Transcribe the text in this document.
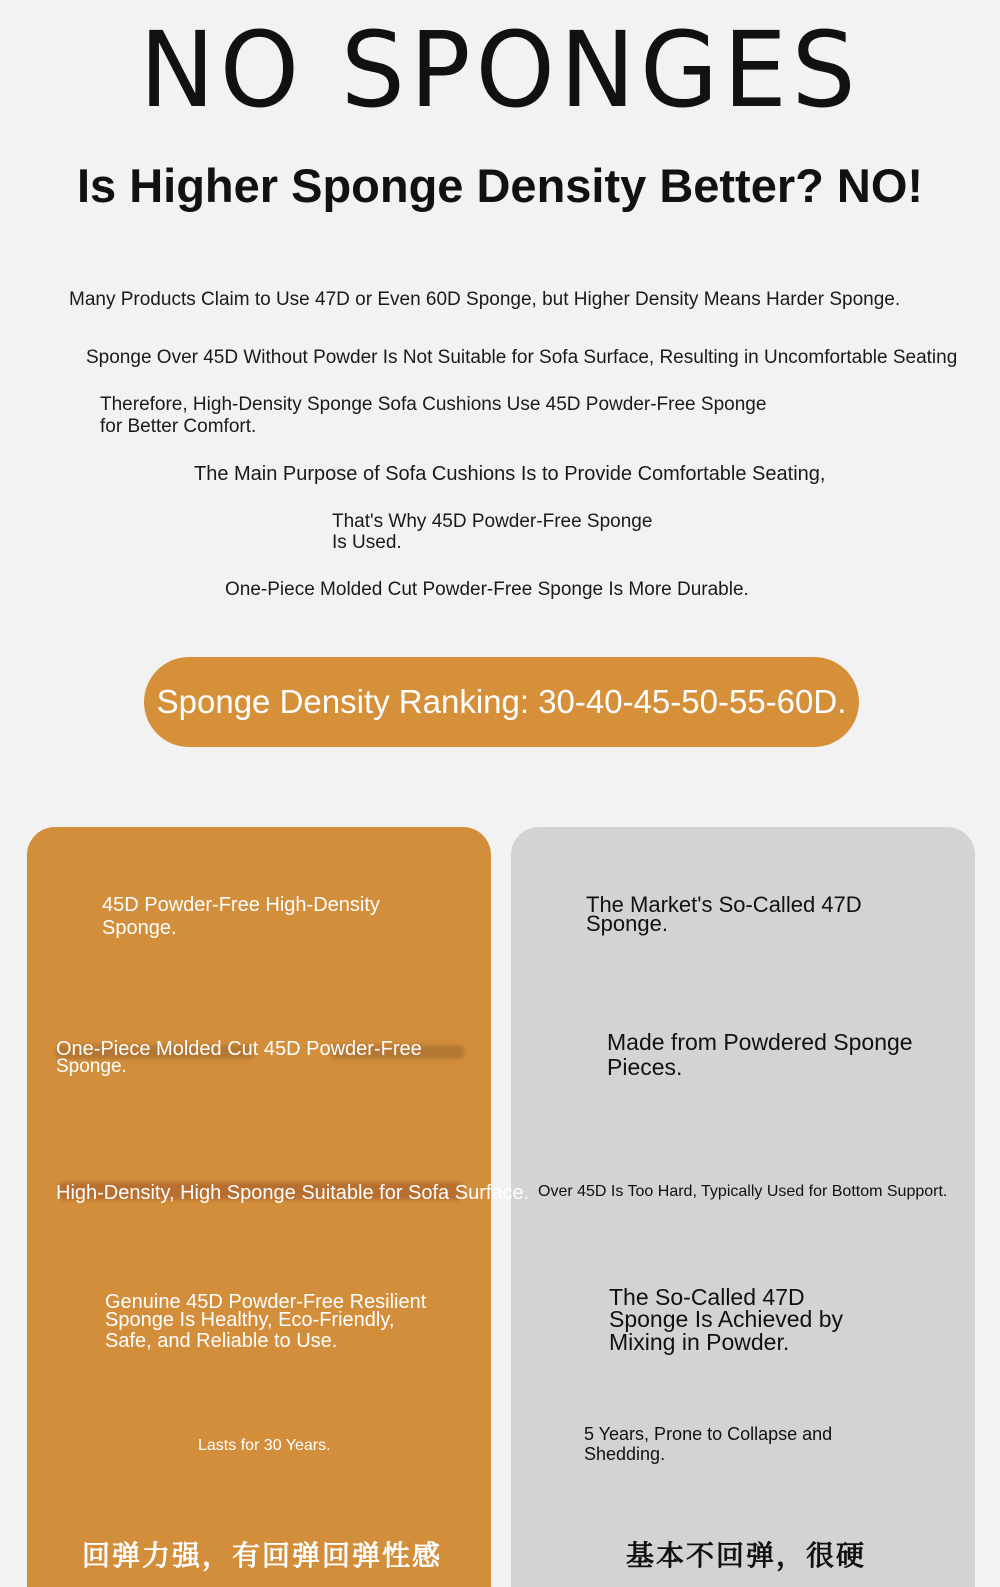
NO SPONGES
Is Higher Sponge Density Better? NO!
Many Products Claim to Use 47D or Even 60D Sponge, but Higher Density Means Harder Sponge.
Sponge Over 45D Without Powder Is Not Suitable for Sofa Surface, Resulting in Uncomfortable Seating
Therefore, High-Density Sponge Sofa Cushions Use 45D Powder-Free Sponge
for Better Comfort.
The Main Purpose of Sofa Cushions Is to Provide Comfortable Seating,
That's Why 45D Powder-Free Sponge
Is Used.
One-Piece Molded Cut Powder-Free Sponge Is More Durable.
Sponge Density Ranking: 30-40-45-50-55-60D.
45D Powder-Free High-Density
Sponge.
One-Piece Molded Cut 45D Powder-Free
Sponge.
High-Density, High Sponge Suitable for Sofa Surface.
Genuine 45D Powder-Free Resilient
Sponge Is Healthy, Eco-Friendly,
Safe, and Reliable to Use.
Lasts for 30 Years.
回弹力强，有回弹回弹性感
The Market's So-Called 47D
Sponge.
Made from Powdered Sponge
Pieces.
Over 45D Is Too Hard, Typically Used for Bottom Support.
The So-Called 47D
Sponge Is Achieved by
Mixing in Powder.
5 Years, Prone to Collapse and
Shedding.
基本不回弹，很硬
